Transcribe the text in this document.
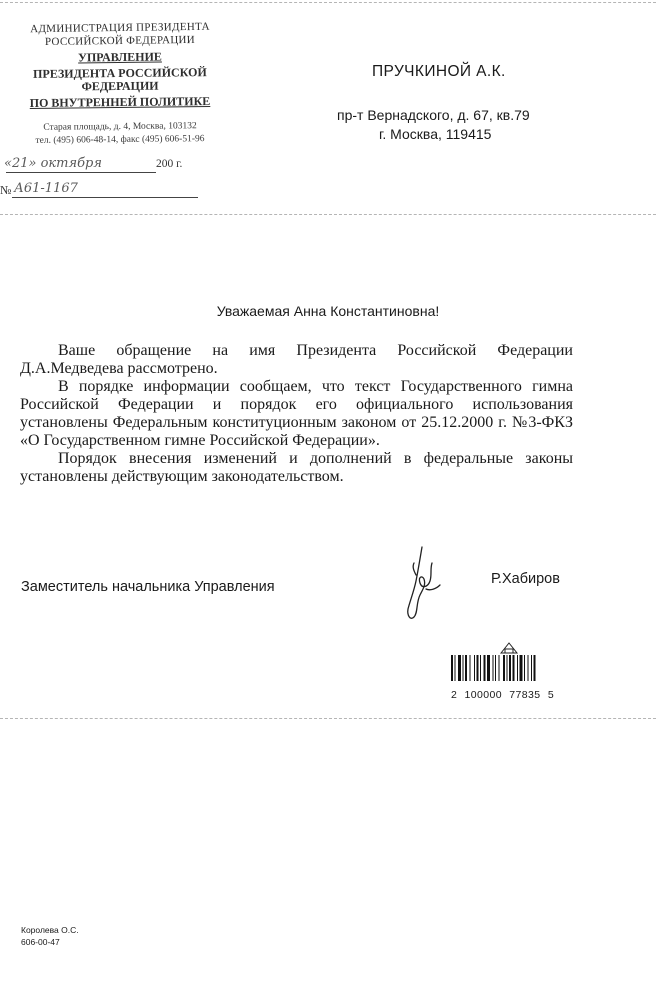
АДМИНИСТРАЦИЯ ПРЕЗИДЕНТА
РОССИЙСКОЙ ФЕДЕРАЦИИ
УПРАВЛЕНИЕ
ПРЕЗИДЕНТА РОССИЙСКОЙ ФЕДЕРАЦИИ
ПО ВНУТРЕННЕЙ ПОЛИТИКЕ
Старая площадь, д. 4, Москва, 103132
тел. (495) 606-48-14, факс (495) 606-51-96
«21» октября	200 г.
№ А61-1167
ПРУЧКИНОЙ А.К.
пр-т Вернадского, д. 67, кв.79
г. Москва, 119415
Уважаемая Анна Константиновна!

Ваше обращение на имя Президента Российской Федерации Д.А.Медведева рассмотрено.

В порядке информации сообщаем, что текст Государственного гимна Российской Федерации и порядок его официального использования установлены Федеральным конституционным законом от 25.12.2000 г. №3-ФКЗ «О Государственном гимне Российской Федерации».

Порядок внесения изменений и дополнений в федеральные законы установлены действующим законодательством.

Заместитель начальника Управления	Р.Хабиров
2 100000 77835 5
Королева О.С.
606-00-47
